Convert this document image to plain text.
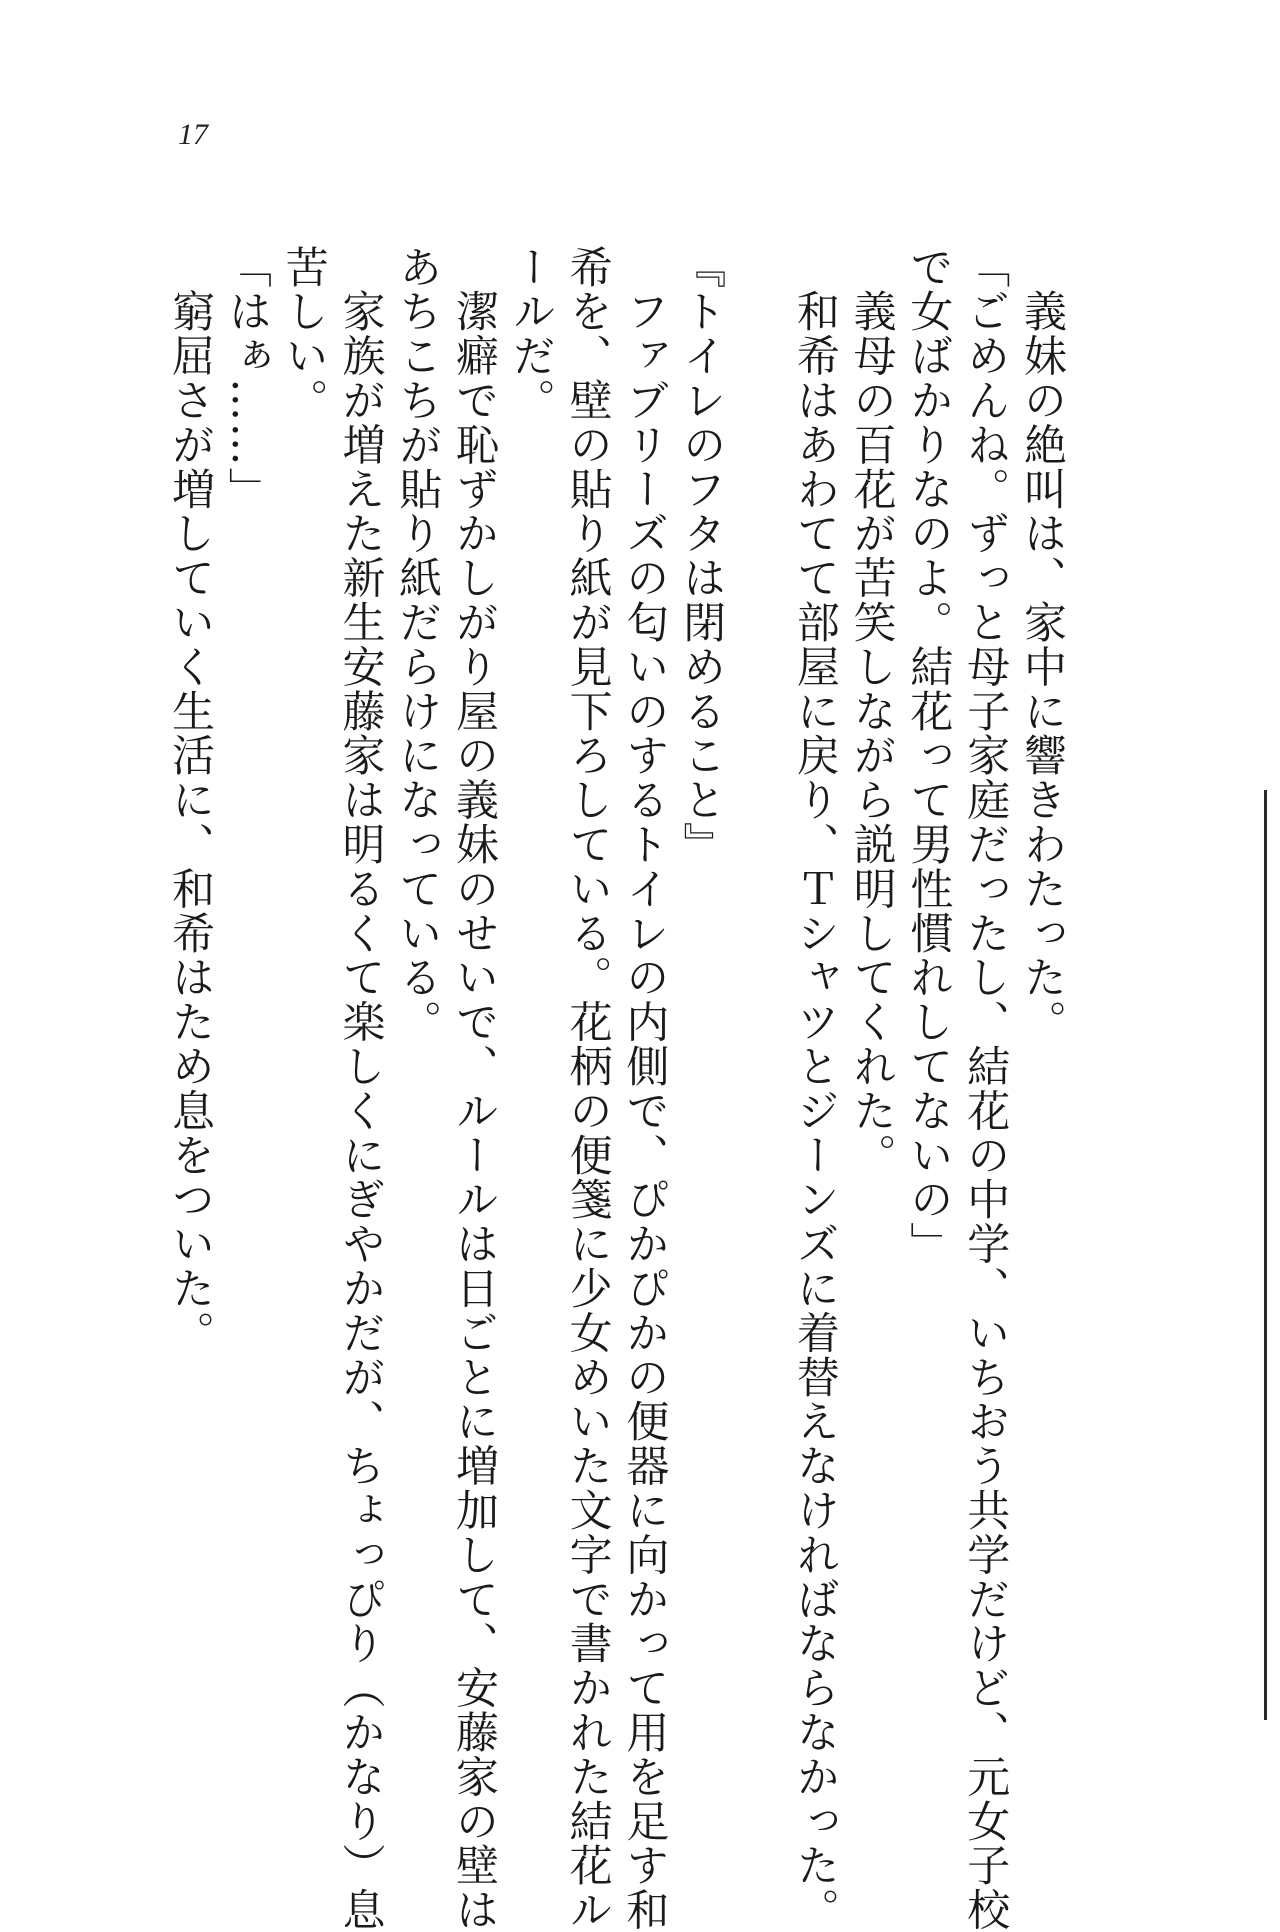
17

　義妹の絶叫は、家中に響きわたった。

「ごめんね。ずっと母子家庭だったし、結花の中学、いちおう共学だけど、元女子校

で女ばかりなのよ。結花って男性慣れしてないの」

　義母の百花が苦笑しながら説明してくれた。

　和希はあわてて部屋に戻り、Ｔシャツとジーンズに着替えなければならなかった。

『トイレのフタは閉めること』

　ファブリーズの匂いのするトイレの内側で、ぴかぴかの便器に向かって用を足す和

希を、壁の貼り紙が見下ろしている。花柄の便箋に少女めいた文字で書かれた結花ル

ールだ。

　潔癖で恥ずかしがり屋の義妹のせいで、ルールは日ごとに増加して、安藤家の壁は

あちこちが貼り紙だらけになっている。

　家族が増えた新生安藤家は明るくて楽しくにぎやかだが、ちょっぴり（かなり）息

苦しい。

「はぁ……」

　窮屈さが増していく生活に、和希はため息をついた。
